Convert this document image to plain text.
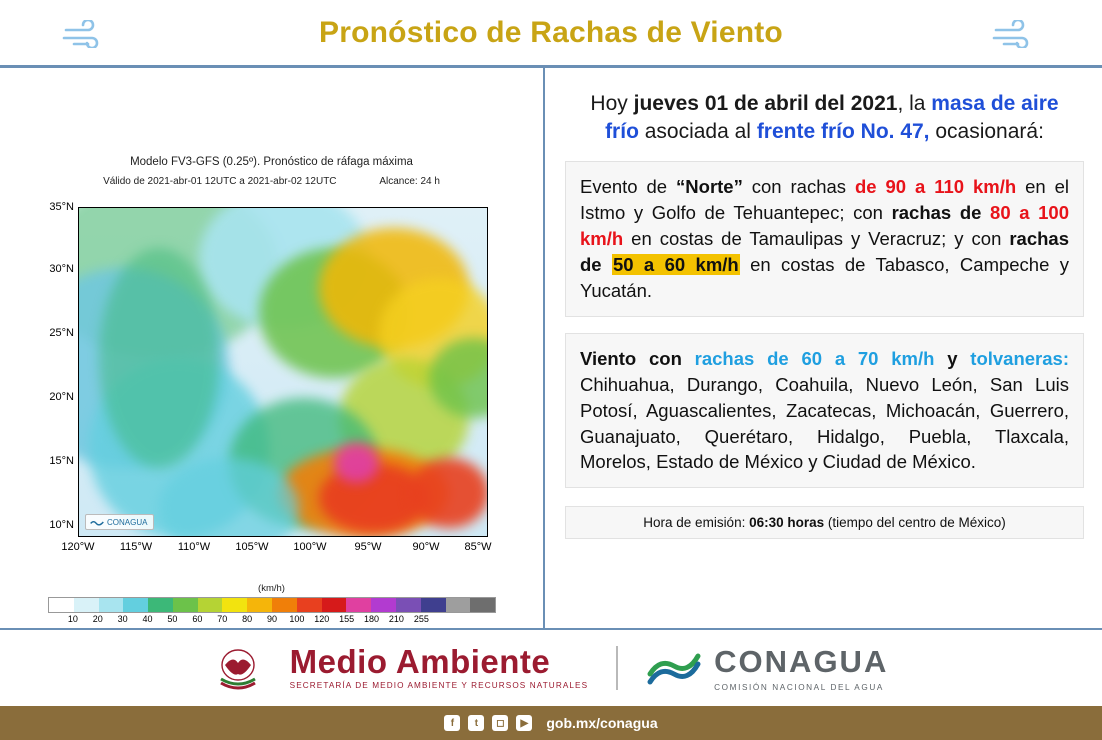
Pronóstico de Rachas de Viento
Modelo FV3-GFS (0.25º). Pronóstico de ráfaga máxima
Válido de 2021-abr-01 12UTC a 2021-abr-02 12UTC	Alcance: 24 h
35°N
30°N
25°N
20°N
15°N
10°N	CONAGUA
120°W	115°W	110°W	105°W	100°W	95°W	90°W	85°W
(km/h)
10 20 30 40 50 60 70 80 90 100 120 155 180 210 255
Hoy jueves 01 de abril del 2021, la masa de aire frío asociada al frente frío No. 47, ocasionará:
Evento de “Norte” con rachas de 90 a 110 km/h en el Istmo y Golfo de Tehuantepec; con rachas de 80 a 100 km/h en costas de Tamaulipas y Veracruz; y con rachas de 50 a 60 km/h en costas de Tabasco, Campeche y Yucatán.
Viento con rachas de 60 a 70 km/h y tolvaneras: Chihuahua, Durango, Coahuila, Nuevo León, San Luis Potosí, Aguascalientes, Zacatecas, Michoacán, Guerrero, Guanajuato, Querétaro, Hidalgo, Puebla, Tlaxcala, Morelos, Estado de México y Ciudad de México.
Hora de emisión: 06:30 horas (tiempo del centro de México)
Medio Ambiente
SECRETARÍA DE MEDIO AMBIENTE Y RECURSOS NATURALES
CONAGUA
COMISIÓN NACIONAL DEL AGUA
f	t	◻	▶ gob.mx/conagua
